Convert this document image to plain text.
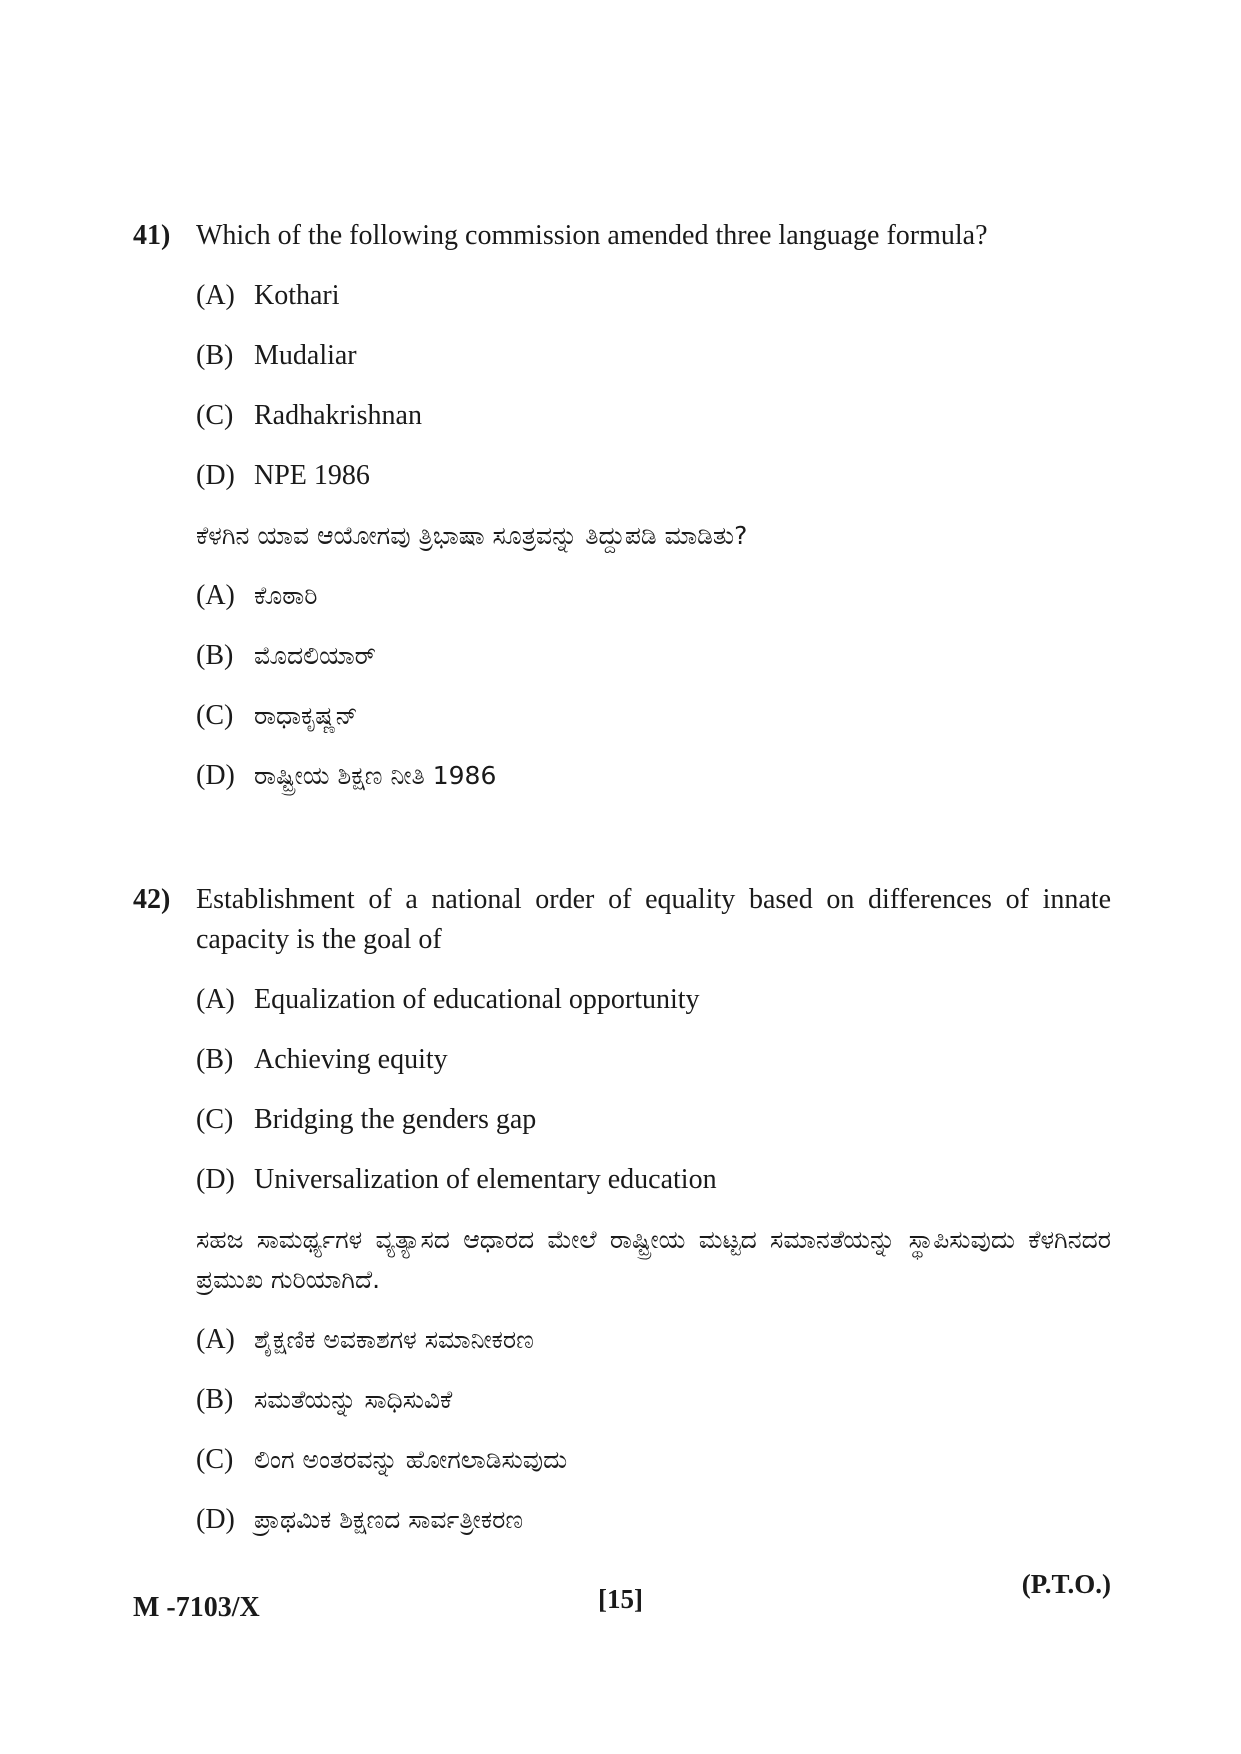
41) Which of the following commission amended three language formula?
(A) Kothari
(B) Mudaliar
(C) Radhakrishnan
(D) NPE 1986
ಕೆಳಗಿನ ಯಾವ ಆಯೋಗವು ತ್ರಿಭಾಷಾ ಸೂತ್ರವನ್ನು ತಿದ್ದುಪಡಿ ಮಾಡಿತು?
(A) ಕೊಠಾರಿ
(B) ಮೊದಲಿಯಾರ್
(C) ರಾಧಾಕೃಷ್ಣನ್
(D) ರಾಷ್ಟ್ರೀಯ ಶಿಕ್ಷಣ ನೀತಿ 1986
42) Establishment of a national order of equality based on differences of innate capacity is the goal of
(A) Equalization of educational opportunity
(B) Achieving equity
(C) Bridging the genders gap
(D) Universalization of elementary education
ಸಹಜ ಸಾಮರ್ಥ್ಯಗಳ ವ್ಯತ್ಯಾಸದ ಆಧಾರದ ಮೇಲೆ ರಾಷ್ಟ್ರೀಯ ಮಟ್ಟದ ಸಮಾನತೆಯನ್ನು ಸ್ಥಾಪಿಸುವುದು ಕೆಳಗಿನದರ ಪ್ರಮುಖ ಗುರಿಯಾಗಿದೆ.
(A) ಶೈಕ್ಷಣಿಕ ಅವಕಾಶಗಳ ಸಮಾನೀಕರಣ
(B) ಸಮತೆಯನ್ನು ಸಾಧಿಸುವಿಕೆ
(C) ಲಿಂಗ ಅಂತರವನ್ನು ಹೋಗಲಾಡಿಸುವುದು
(D) ಪ್ರಾಥಮಿಕ ಶಿಕ್ಷಣದ ಸಾರ್ವತ್ರೀಕರಣ
M -7103/X	[15]	(P.T.O.)
